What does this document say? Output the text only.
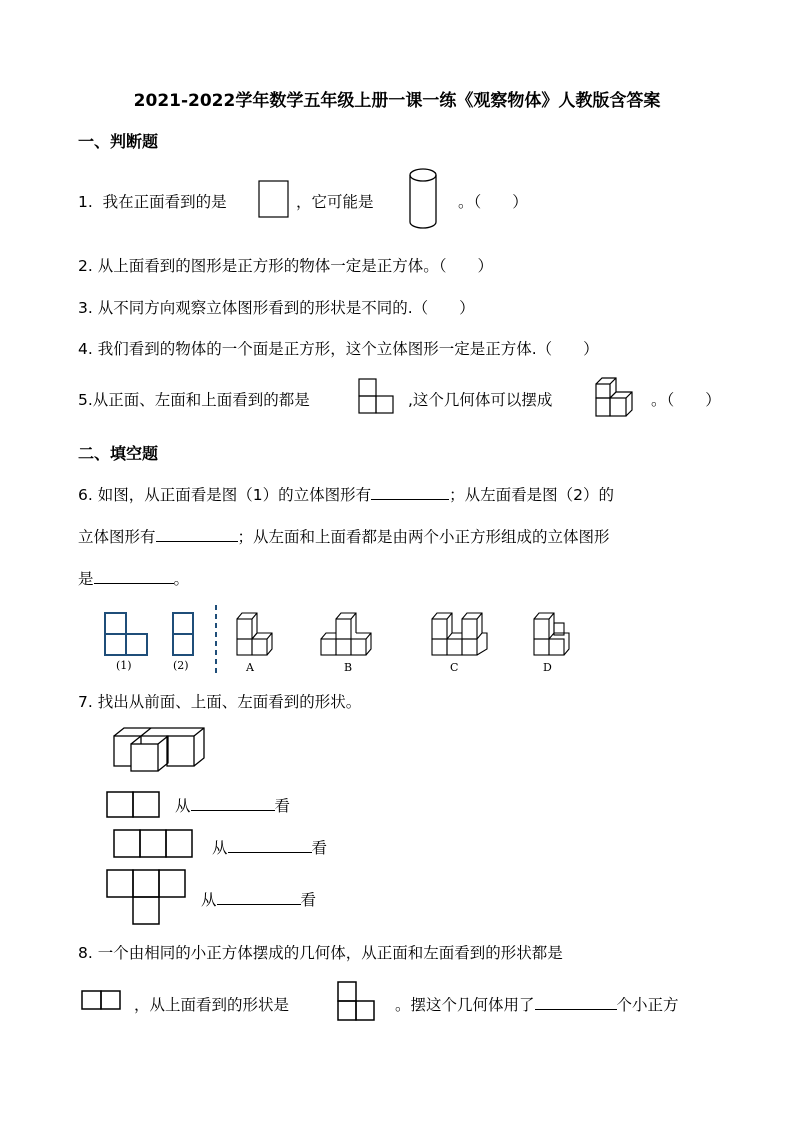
2021-2022学年数学五年级上册一课一练《观察物体》人教版含答案
一、判断题
1. 我在正面看到的是	，它可能是	。（　　）
2. 从上面看到的图形是正方形的物体一定是正方体。（　　）
3. 从不同方向观察立体图形看到的形状是不同的.（　　）
4. 我们看到的物体的一个面是正方形，这个立体图形一定是正方体.（　　）
5.从正面、左面和上面看到的都是	,这个几何体可以摆成	。（　　）
二、填空题
6. 如图，从正面看是图（1）的立体图形有	；从左面看是图（2）的
立体图形有	；从左面和上面看都是由两个小正方形组成的立体图形
是	。
(1)	(2)	A	B	C	D
7. 找出从前面、上面、左面看到的形状。
从	看
从	看
从	看
8. 一个由相同的小正方体摆成的几何体，从正面和左面看到的形状都是
，从上面看到的形状是	。摆这个几何体用了	个小正方
